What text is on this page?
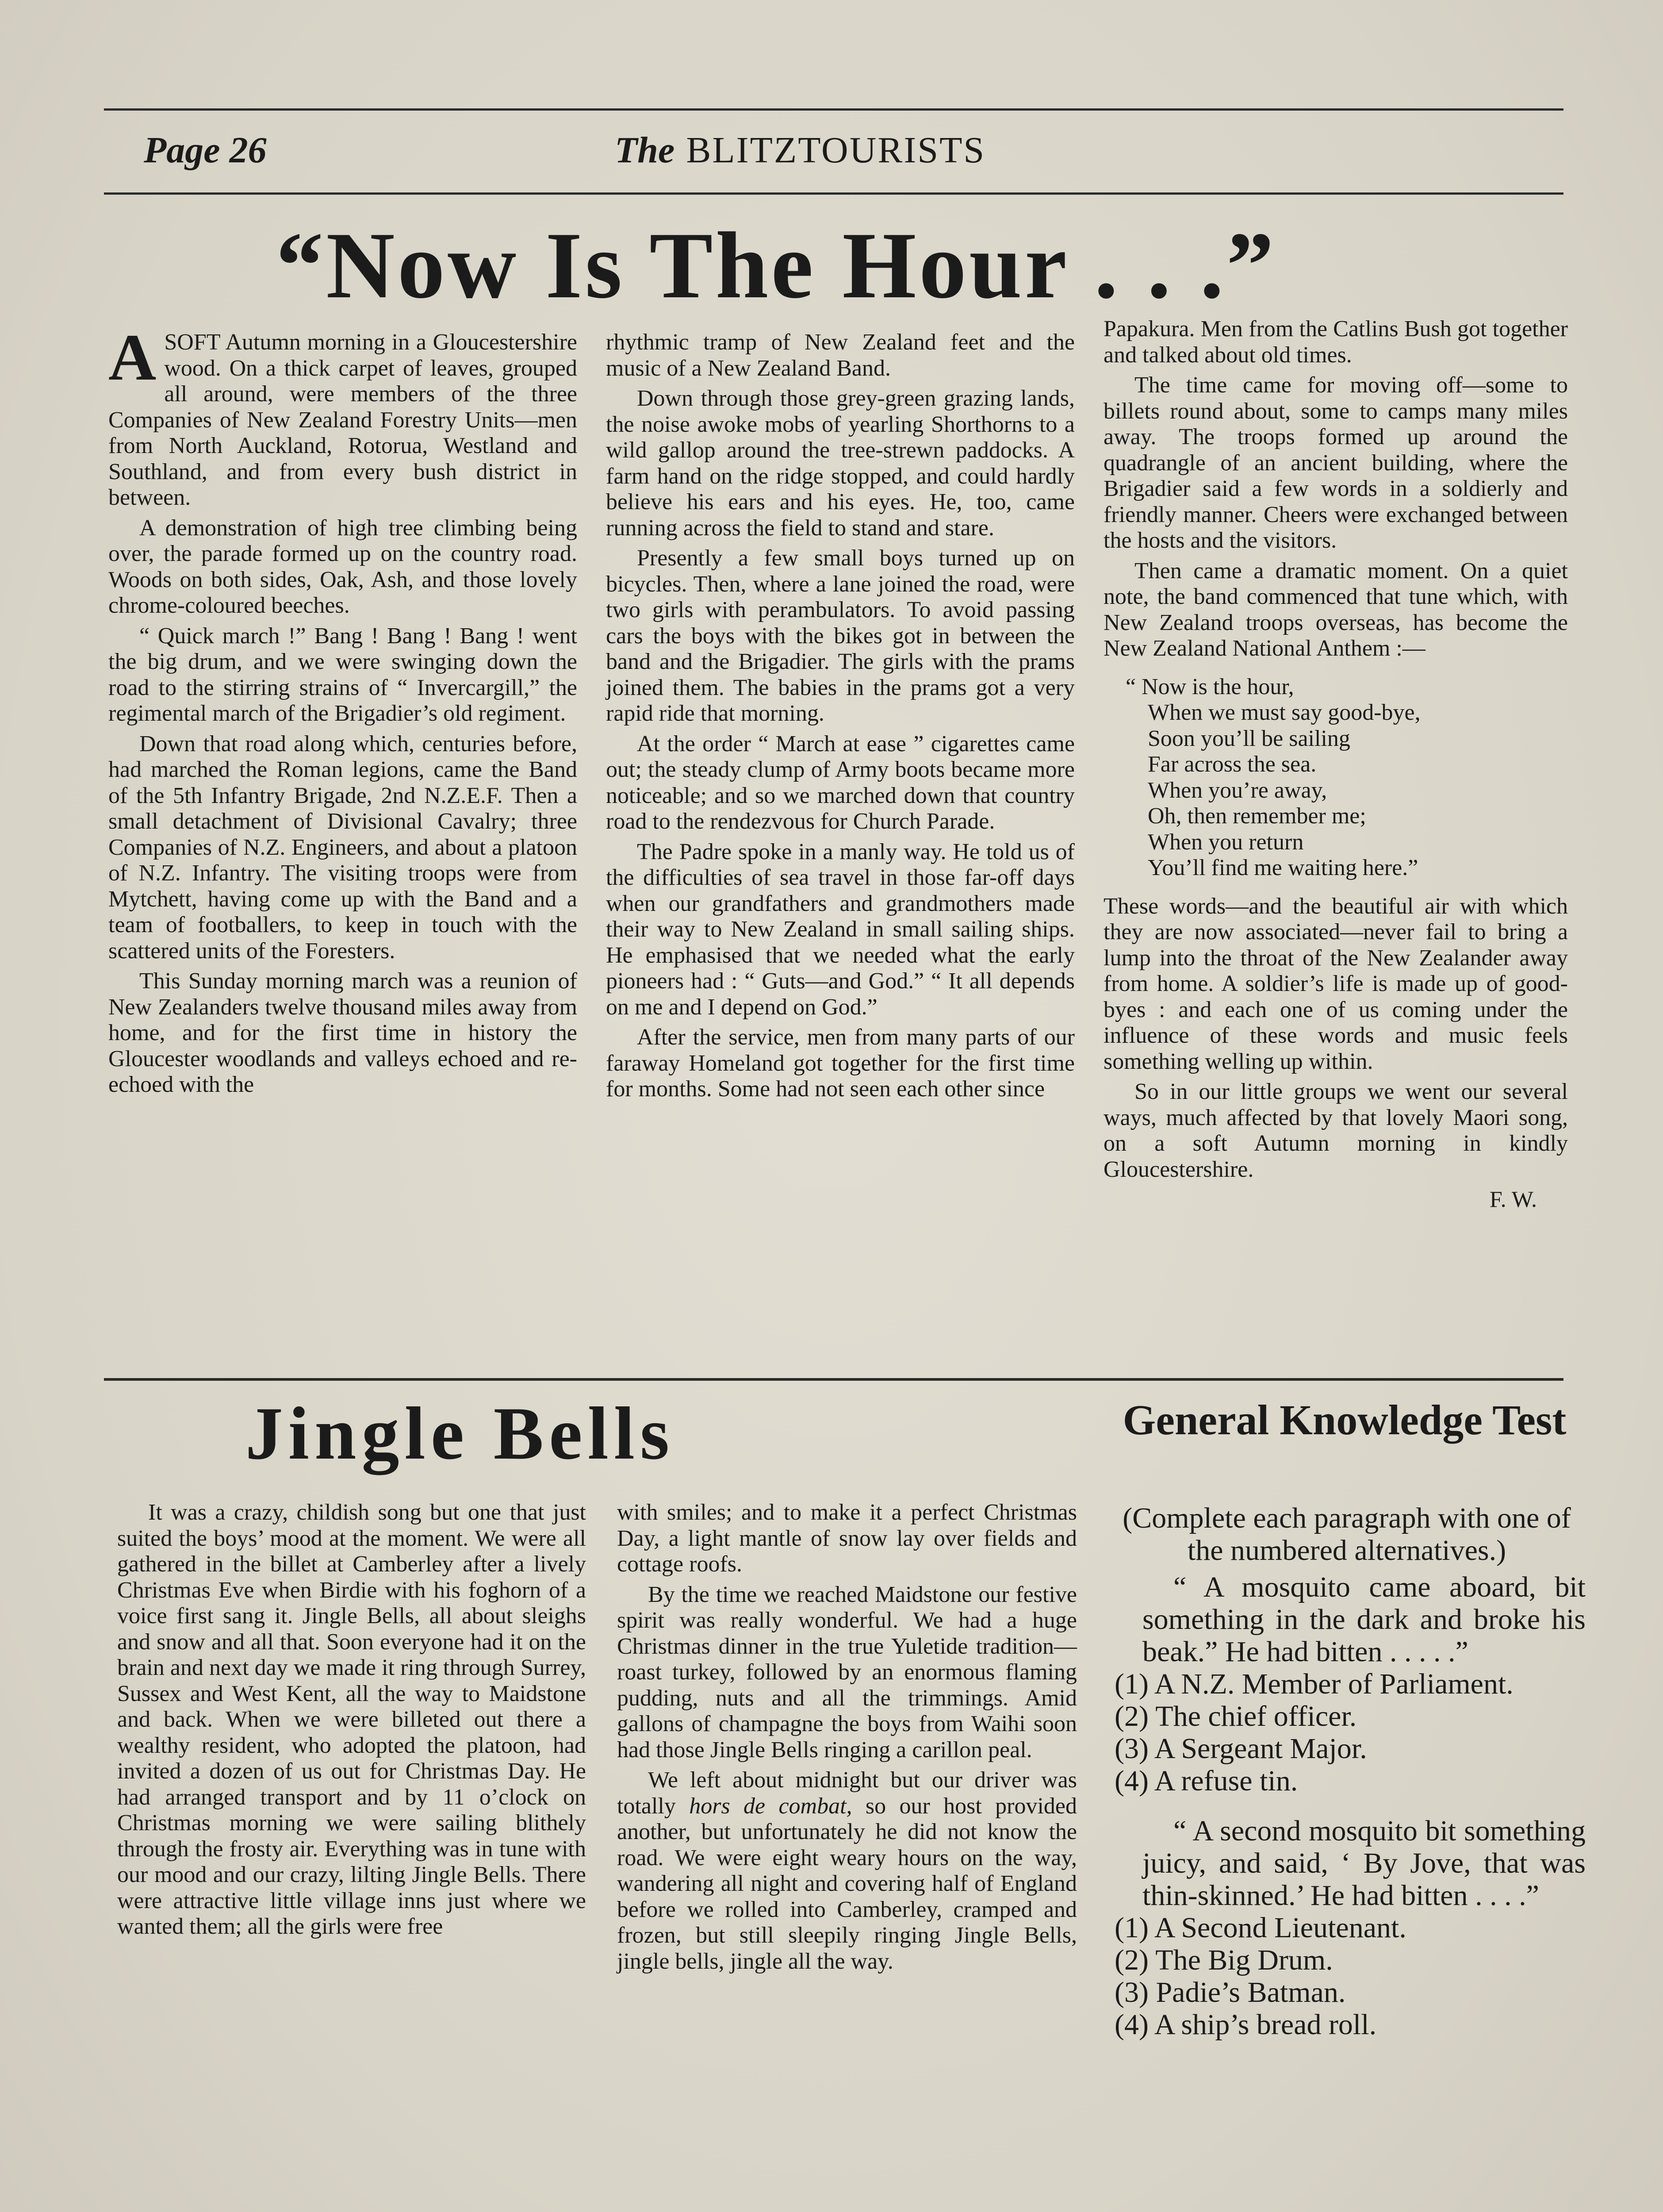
Page 26	The BLITZTOURISTS
“Now Is The Hour . . .”

A SOFT Autumn morning in a Gloucestershire wood. On a thick carpet of leaves, grouped all around, were members of the three Companies of New Zealand Forestry Units—men from North Auckland, Rotorua, Westland and Southland, and from every bush district in between.

A demonstration of high tree climbing being over, the parade formed up on the country road. Woods on both sides, Oak, Ash, and those lovely chrome-coloured beeches.

“ Quick march !” Bang ! Bang ! Bang ! went the big drum, and we were swinging down the road to the stirring strains of “ Invercargill,” the regimental march of the Brigadier’s old regiment.

Down that road along which, centuries before, had marched the Roman legions, came the Band of the 5th Infantry Brigade, 2nd N.Z.E.F. Then a small detachment of Divisional Cavalry; three Companies of N.Z. Engineers, and about a platoon of N.Z. Infantry. The visiting troops were from Mytchett, having come up with the Band and a team of footballers, to keep in touch with the scattered units of the Foresters.

This Sunday morning march was a reunion of New Zealanders twelve thousand miles away from home, and for the first time in history the Gloucester woodlands and valleys echoed and re-echoed with the

rhythmic tramp of New Zealand feet and the music of a New Zealand Band.

Down through those grey-green grazing lands, the noise awoke mobs of yearling Shorthorns to a wild gallop around the tree-strewn paddocks. A farm hand on the ridge stopped, and could hardly believe his ears and his eyes. He, too, came running across the field to stand and stare.

Presently a few small boys turned up on bicycles. Then, where a lane joined the road, were two girls with perambulators. To avoid passing cars the boys with the bikes got in between the band and the Brigadier. The girls with the prams joined them. The babies in the prams got a very rapid ride that morning.

At the order “ March at ease ” cigarettes came out; the steady clump of Army boots became more noticeable; and so we marched down that country road to the rendezvous for Church Parade.

The Padre spoke in a manly way. He told us of the difficulties of sea travel in those far-off days when our grandfathers and grandmothers made their way to New Zealand in small sailing ships. He emphasised that we needed what the early pioneers had : “ Guts—and God.” “ It all depends on me and I depend on God.”

After the service, men from many parts of our faraway Homeland got together for the first time for months. Some had not seen each other since

Papakura. Men from the Catlins Bush got together and talked about old times.

The time came for moving off—some to billets round about, some to camps many miles away. The troops formed up around the quadrangle of an ancient building, where the Brigadier said a few words in a soldierly and friendly manner. Cheers were exchanged between the hosts and the visitors.

Then came a dramatic moment. On a quiet note, the band commenced that tune which, with New Zealand troops overseas, has become the New Zealand National Anthem :—

“ Now is the hour,
When we must say good-bye,
Soon you’ll be sailing
Far across the sea.
When you’re away,
Oh, then remember me;
When you return
You’ll find me waiting here.”

These words—and the beautiful air with which they are now associated—never fail to bring a lump into the throat of the New Zealander away from home. A soldier’s life is made up of good-byes : and each one of us coming under the influence of these words and music feels something welling up within.

So in our little groups we went our several ways, much affected by that lovely Maori song, on a soft Autumn morning in kindly Gloucestershire.

F. W.
Jingle Bells

It was a crazy, childish song but one that just suited the boys’ mood at the moment. We were all gathered in the billet at Camberley after a lively Christmas Eve when Birdie with his foghorn of a voice first sang it. Jingle Bells, all about sleighs and snow and all that. Soon everyone had it on the brain and next day we made it ring through Surrey, Sussex and West Kent, all the way to Maidstone and back. When we were billeted out there a wealthy resident, who adopted the platoon, had invited a dozen of us out for Christmas Day. He had arranged transport and by 11 o’clock on Christmas morning we were sailing blithely through the frosty air. Everything was in tune with our mood and our crazy, lilting Jingle Bells. There were attractive little village inns just where we wanted them; all the girls were free

with smiles; and to make it a perfect Christmas Day, a light mantle of snow lay over fields and cottage roofs.

By the time we reached Maidstone our festive spirit was really wonderful. We had a huge Christmas dinner in the true Yuletide tradition—roast turkey, followed by an enormous flaming pudding, nuts and all the trimmings. Amid gallons of champagne the boys from Waihi soon had those Jingle Bells ringing a carillon peal.

We left about midnight but our driver was totally hors de combat, so our host provided another, but unfortunately he did not know the road. We were eight weary hours on the way, wandering all night and covering half of England before we rolled into Camberley, cramped and frozen, but still sleepily ringing Jingle Bells, jingle bells, jingle all the way.

General Knowledge Test

(Complete each paragraph with one of the numbered alternatives.)

“ A mosquito came aboard, bit something in the dark and broke his beak.” He had bitten . . . . .”

(1) A N.Z. Member of Parliament.
(2) The chief officer.
(3) A Sergeant Major.
(4) A refuse tin.

“ A second mosquito bit something juicy, and said, ‘ By Jove, that was thin-skinned.’ He had bitten . . . .”

(1) A Second Lieutenant.
(2) The Big Drum.
(3) Padie’s Batman.
(4) A ship’s bread roll.
